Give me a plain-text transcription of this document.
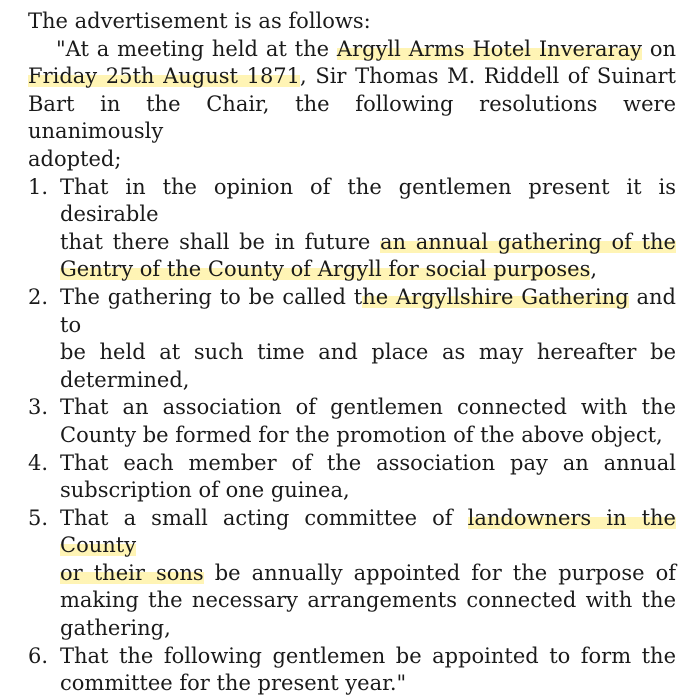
The advertisement is as follows:
"At a meeting held at the Argyll Arms Hotel Inveraray on
Friday 25th August 1871, Sir Thomas M. Riddell of Suinart
Bart in the Chair, the following resolutions were unanimously
adopted;
1. That in the opinion of the gentlemen present it is desirable
that there shall be in future an annual gathering of the
Gentry of the County of Argyll for social purposes,
2. The gathering to be called the Argyllshire Gathering and to
be held at such time and place as may hereafter be
determined,
3. That an association of gentlemen connected with the
County be formed for the promotion of the above object,
4. That each member of the association pay an annual
subscription of one guinea,
5. That a small acting committee of landowners in the County
or their sons be annually appointed for the purpose of
making the necessary arrangements connected with the
gathering,
6. That the following gentlemen be appointed to form the
committee for the present year."
